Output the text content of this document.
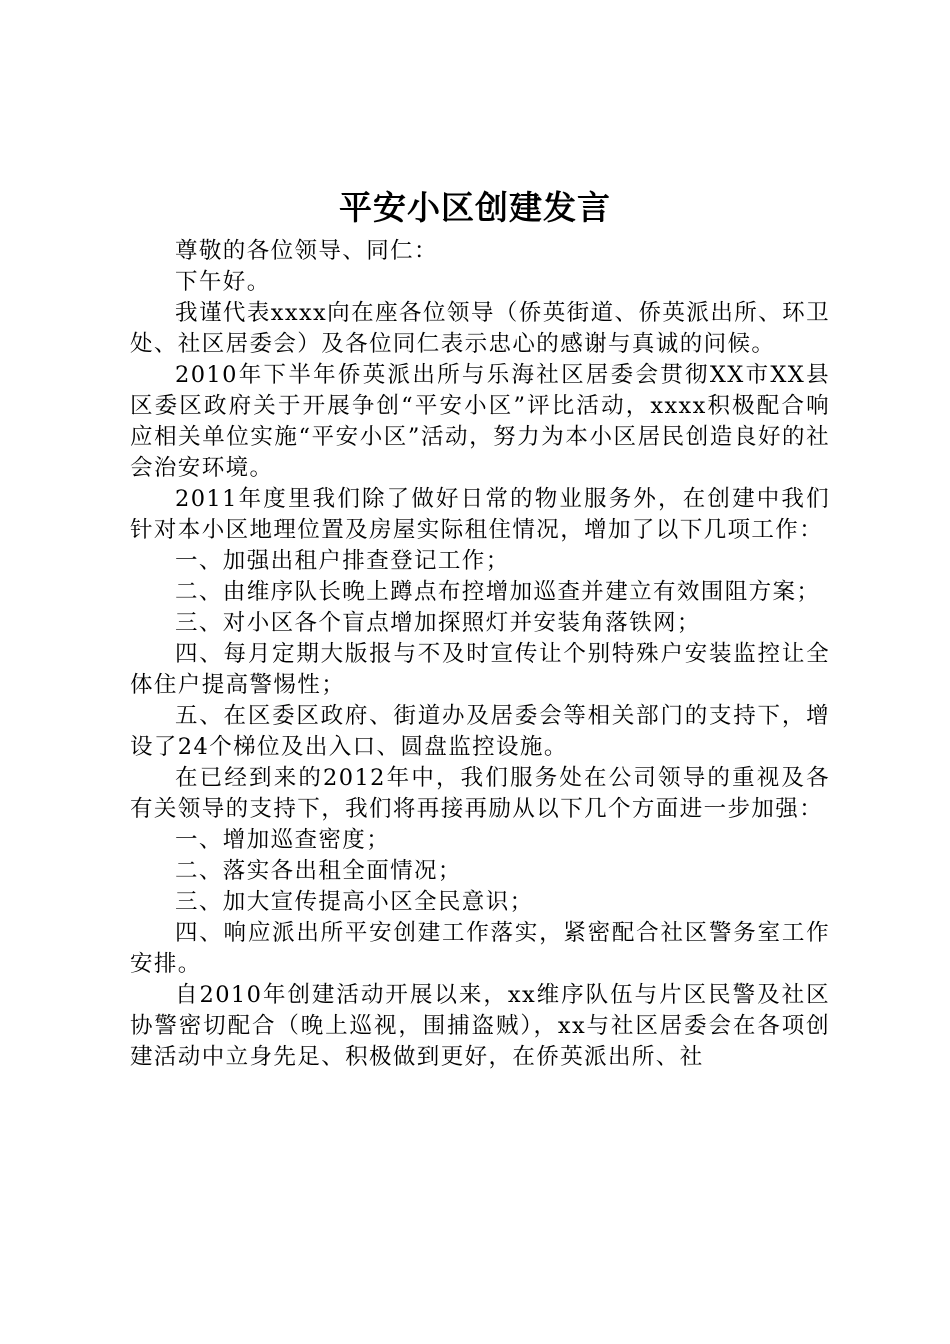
平安小区创建发言

尊敬的各位领导、同仁：

下午好。

我谨代表xxxx向在座各位领导（侨英街道、侨英派出所、环卫处、社区居委会）及各位同仁表示忠心的感谢与真诚的问候。

2010年下半年侨英派出所与乐海社区居委会贯彻XX市XX县区委区政府关于开展争创“平安小区”评比活动，xxxx积极配合响应相关单位实施“平安小区”活动，努力为本小区居民创造良好的社会治安环境。

2011年度里我们除了做好日常的物业服务外，在创建中我们针对本小区地理位置及房屋实际租住情况，增加了以下几项工作：

一、加强出租户排查登记工作；

二、由维序队长晚上蹲点布控增加巡查并建立有效围阻方案；

三、对小区各个盲点增加探照灯并安装角落铁网；

四、每月定期大版报与不及时宣传让个别特殊户安装监控让全体住户提高警惕性；

五、在区委区政府、街道办及居委会等相关部门的支持下，增设了24个梯位及出入口、圆盘监控设施。

在已经到来的2012年中，我们服务处在公司领导的重视及各有关领导的支持下，我们将再接再励从以下几个方面进一步加强：

一、增加巡查密度；

二、落实各出租全面情况；

三、加大宣传提高小区全民意识；

四、响应派出所平安创建工作落实，紧密配合社区警务室工作安排。

自2010年创建活动开展以来，xx维序队伍与片区民警及社区协警密切配合（晚上巡视，围捕盗贼），xx与社区居委会在各项创建活动中立身先足、积极做到更好，在侨英派出所、社
